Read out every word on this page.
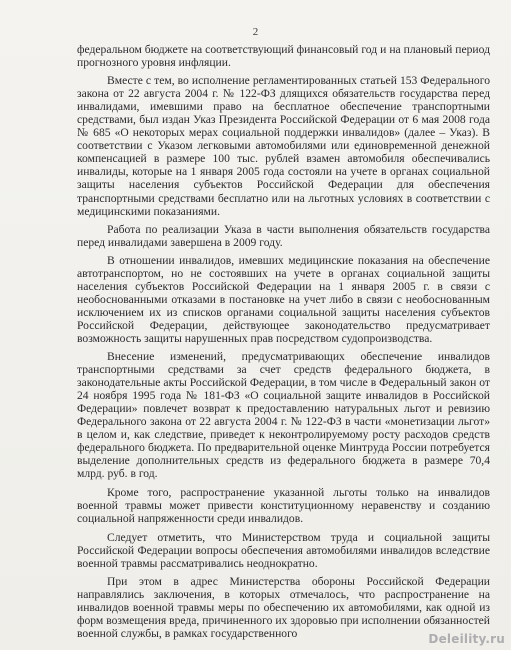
2

федеральном бюджете на соответствующий финансовый год и на плановый период прогнозного уровня инфляции.

Вместе с тем, во исполнение регламентированных статьей 153 Федерального закона от 22 августа 2004 г. № 122-ФЗ длящихся обязательств государства перед инвалидами, имевшими право на бесплатное обеспечение транспортными средствами, был издан Указ Президента Российской Федерации от 6 мая 2008 года № 685 «О некоторых мерах социальной поддержки инвалидов» (далее – Указ). В соответствии с Указом легковыми автомобилями или единовременной денежной компенсацией в размере 100 тыс. рублей взамен автомобиля обеспечивались инвалиды, которые на 1 января 2005 года состояли на учете в органах социальной защиты населения субъектов Российской Федерации для обеспечения транспортными средствами бесплатно или на льготных условиях в соответствии с медицинскими показаниями.

Работа по реализации Указа в части выполнения обязательств государства перед инвалидами завершена в 2009 году.

В отношении инвалидов, имевших медицинские показания на обеспечение автотранспортом, но не состоявших на учете в органах социальной защиты населения субъектов Российской Федерации на 1 января 2005 г. в связи с необоснованными отказами в постановке на учет либо в связи с необоснованным исключением их из списков органами социальной защиты населения субъектов Российской Федерации, действующее законодательство предусматривает возможность защиты нарушенных прав посредством судопроизводства.

Внесение изменений, предусматривающих обеспечение инвалидов транспортными средствами за счет средств федерального бюджета, в законодательные акты Российской Федерации, в том числе в Федеральный закон от 24 ноября 1995 года № 181-ФЗ «О социальной защите инвалидов в Российской Федерации» повлечет возврат к предоставлению натуральных льгот и ревизию Федерального закона от 22 августа 2004 г. № 122-ФЗ в части «монетизации льгот» в целом и, как следствие, приведет к неконтролируемому росту расходов средств федерального бюджета. По предварительной оценке Минтруда России потребуется выделение дополнительных средств из федерального бюджета в размере 70,4 млрд. руб. в год.

Кроме того, распространение указанной льготы только на инвалидов военной травмы может привести конституционному неравенству и созданию социальной напряженности среди инвалидов.

Следует отметить, что Министерством труда и социальной защиты Российской Федерации вопросы обеспечения автомобилями инвалидов вследствие военной травмы рассматривались неоднократно.

При этом в адрес Министерства обороны Российской Федерации направлялись заключения, в которых отмечалось, что распространение на инвалидов военной травмы меры по обеспечению их автомобилями, как одной из форм возмещения вреда, причиненного их здоровью при исполнении обязанностей военной службы, в рамках государственного	Deleility.ru
